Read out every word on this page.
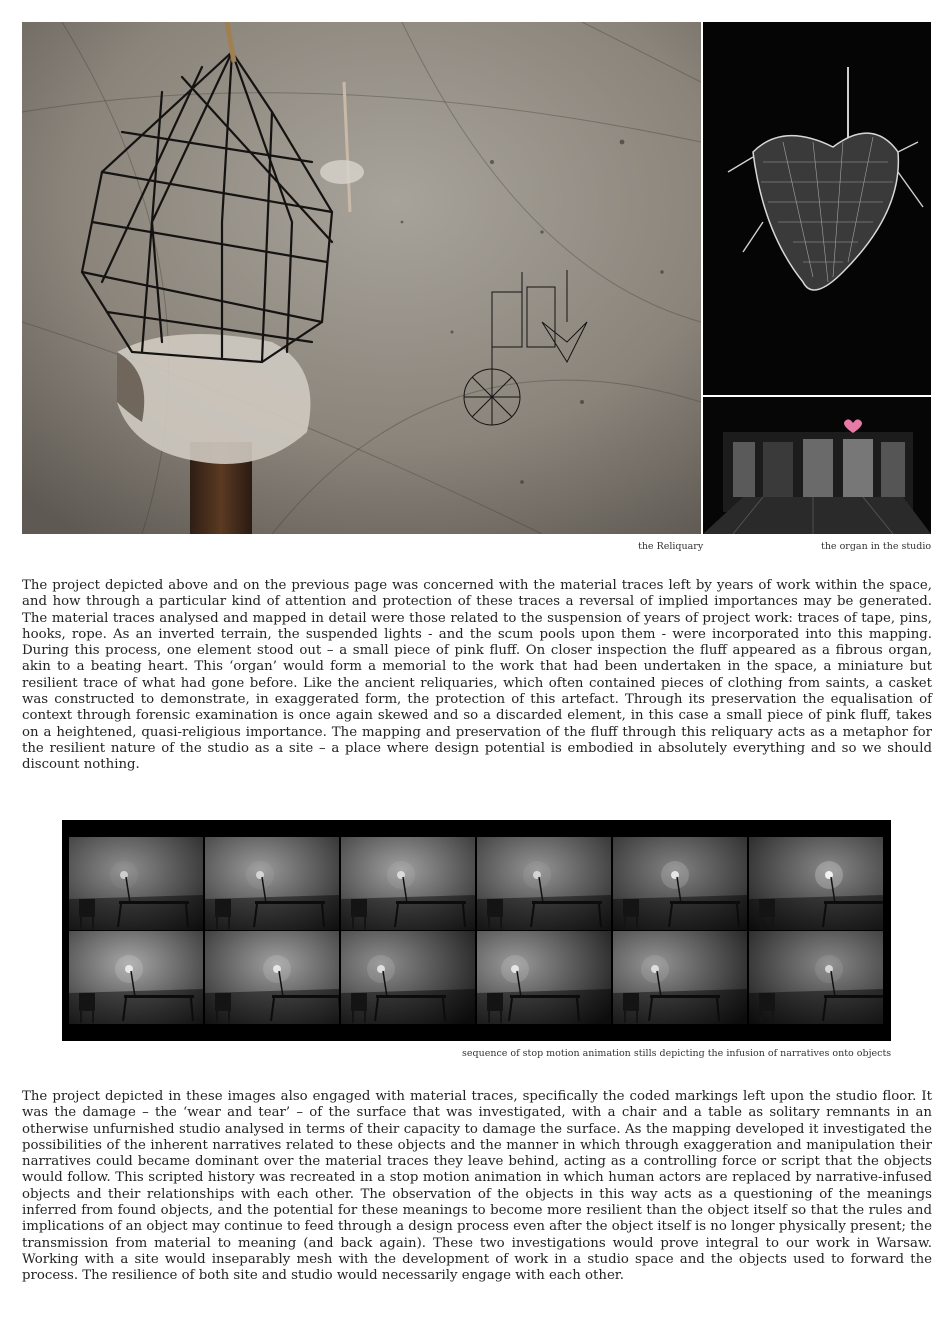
the Reliquary	the organ in the studio

The project depicted above and on the previous page was concerned with the material traces left by years of work within the space, and how through a particular kind of attention and protection of these traces a reversal of implied importances may be generated. The material traces analysed and mapped in detail were those related to the suspension of years of project work: traces of tape, pins, hooks, rope. As an inverted terrain, the suspended lights - and the scum pools upon them - were incorporated into this mapping. During this process, one element stood out – a small piece of pink fluff. On closer inspection the fluff appeared as a fibrous organ, akin to a beating heart. This ‘organ’ would form a memorial to the work that had been undertaken in the space, a miniature but resilient trace of what had gone before. Like the ancient reliquaries, which often contained pieces of clothing from saints, a casket was constructed to demonstrate, in exaggerated form, the protection of this artefact. Through its preservation the equalisation of context through forensic examination is once again skewed and so a discarded element, in this case a small piece of pink fluff, takes on a heightened, quasi-religious importance. The mapping and preservation of the fluff through this reliquary acts as a metaphor for the resilient nature of the studio as a site – a place where design potential is embodied in absolutely everything and so we should discount nothing.

sequence of stop motion animation stills depicting the infusion of narratives onto objects

The project depicted in these images also engaged with material traces, specifically the coded markings left upon the studio floor. It was the damage – the ‘wear and tear’ – of the surface that was investigated, with a chair and a table as solitary remnants in an otherwise unfurnished studio analysed in terms of their capacity to damage the surface. As the mapping developed it investigated the possibilities of the inherent narratives related to these objects and the manner in which through exaggeration and manipulation their narratives could became dominant over the material traces they leave behind, acting as a controlling force or script that the objects would follow. This scripted history was recreated in a stop motion animation in which human actors are replaced by narrative-infused objects and their relationships with each other. The observation of the objects in this way acts as a questioning of the meanings inferred from found objects, and the potential for these meanings to become more resilient than the object itself so that the rules and implications of an object may continue to feed through a design process even after the object itself is no longer physically present; the transmission from material to meaning (and back again). These two investigations would prove integral to our work in Warsaw. Working with a site would inseparably mesh with the development of work in a studio space and the objects used to forward the process. The resilience of both site and studio would necessarily engage with each other.
